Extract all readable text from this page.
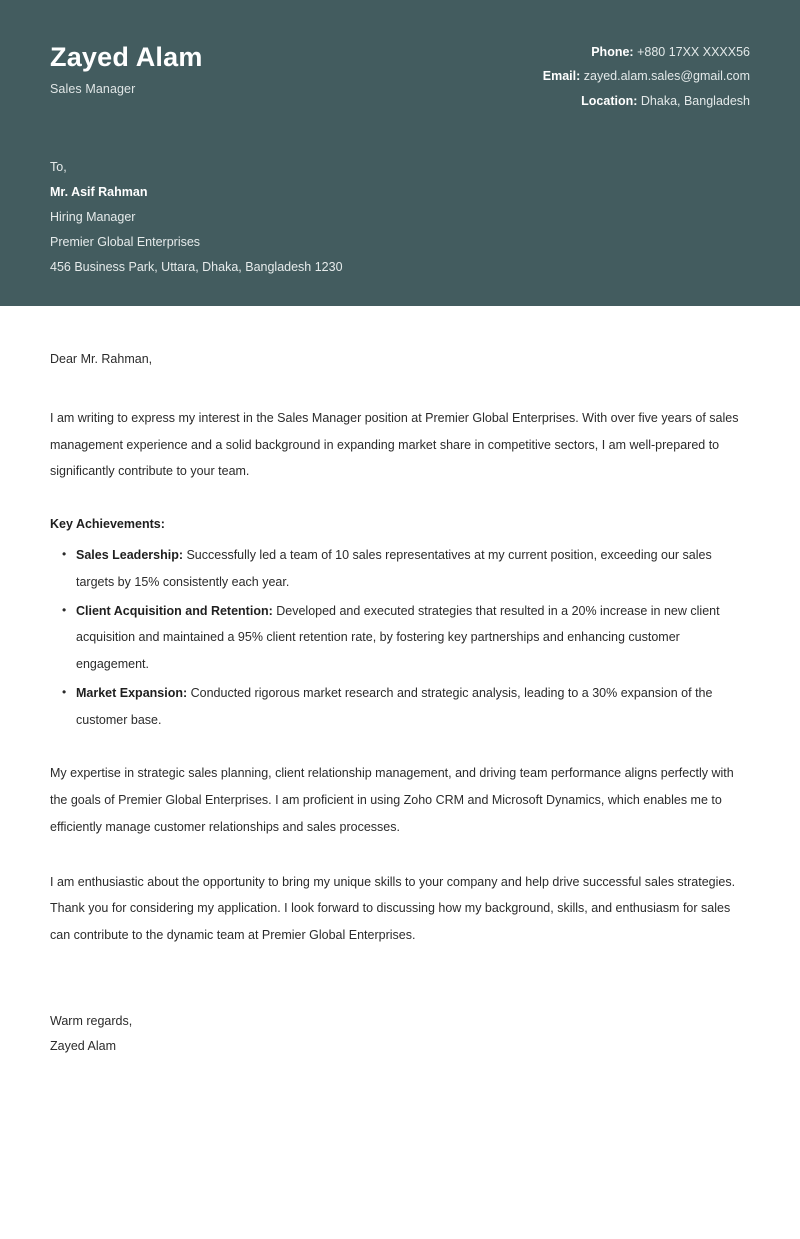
Zayed Alam
Sales Manager
Phone: +880 17XX XXXX56
Email: zayed.alam.sales@gmail.com
Location: Dhaka, Bangladesh
To,
Mr. Asif Rahman
Hiring Manager
Premier Global Enterprises
456 Business Park, Uttara, Dhaka, Bangladesh 1230
Dear Mr. Rahman,

I am writing to express my interest in the Sales Manager position at Premier Global Enterprises. With over five years of sales management experience and a solid background in expanding market share in competitive sectors, I am well-prepared to significantly contribute to your team.

Key Achievements:
• Sales Leadership: Successfully led a team of 10 sales representatives at my current position, exceeding our sales targets by 15% consistently each year.
• Client Acquisition and Retention: Developed and executed strategies that resulted in a 20% increase in new client acquisition and maintained a 95% client retention rate, by fostering key partnerships and enhancing customer engagement.
• Market Expansion: Conducted rigorous market research and strategic analysis, leading to a 30% expansion of the customer base.

My expertise in strategic sales planning, client relationship management, and driving team performance aligns perfectly with the goals of Premier Global Enterprises. I am proficient in using Zoho CRM and Microsoft Dynamics, which enables me to efficiently manage customer relationships and sales processes.

I am enthusiastic about the opportunity to bring my unique skills to your company and help drive successful sales strategies. Thank you for considering my application. I look forward to discussing how my background, skills, and enthusiasm for sales can contribute to the dynamic team at Premier Global Enterprises.

Warm regards,
Zayed Alam
